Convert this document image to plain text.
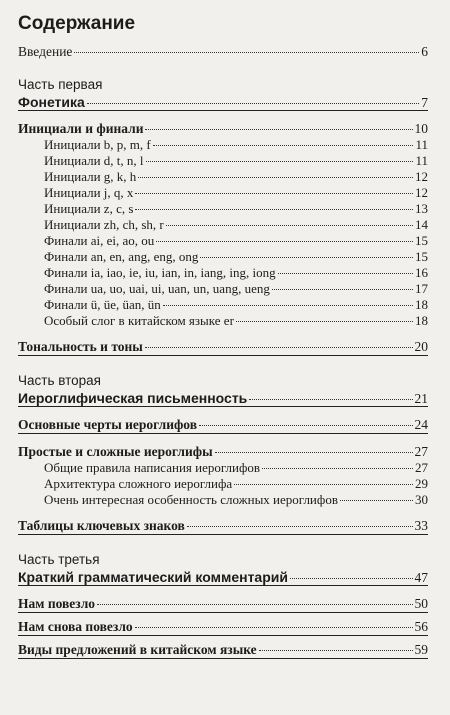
Содержание
Введение	6
Часть первая
Фонетика	7
Инициали и финали	10
Инициали b, p, m, f	11
Инициали d, t, n, l	11
Инициали g, k, h	12
Инициали j, q, x	12
Инициали z, c, s	13
Инициали zh, ch, sh, r	14
Финали ai, ei, ao, ou	15
Финали an, en, ang, eng, ong	15
Финали ia, iao, ie, iu, ian, in, iang, ing, iong	16
Финали ua, uo, uai, ui, uan, un, uang, ueng	17
Финали ü, üe, üan, ün	18
Особый слог в китайском языке er	18
Тональность и тоны	20
Часть вторая
Иероглифическая письменность	21
Основные черты иероглифов	24
Простые и сложные иероглифы	27
Общие правила написания иероглифов	27
Архитектура сложного иероглифа	29
Очень интересная особенность сложных иероглифов	30
Таблицы ключевых знаков	33
Часть третья
Краткий грамматический комментарий	47
Нам повезло	50
Нам снова повезло	56
Виды предложений в китайском языке	59
